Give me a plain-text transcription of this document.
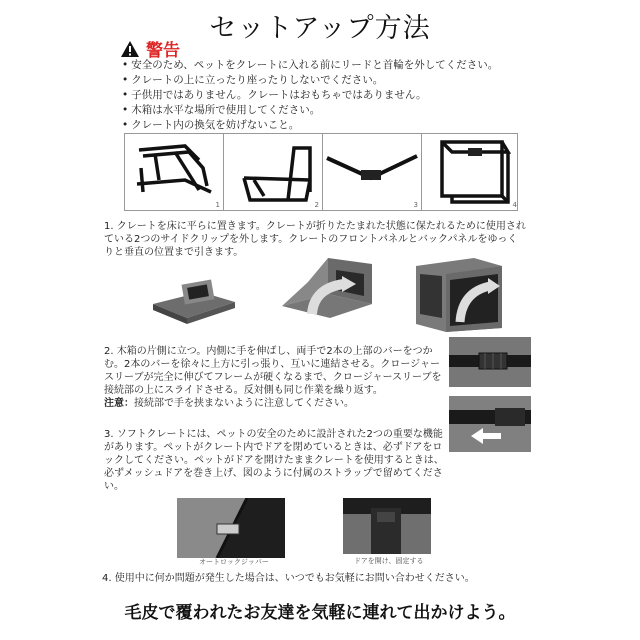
セットアップ方法
警告
• 安全のため、ペットをクレートに入れる前にリードと首輪を外してください。
• クレートの上に立ったり座ったりしないでください。
• 子供用ではありません。クレートはおもちゃではありません。
• 木箱は水平な場所で使用してください。
• クレート内の換気を妨げないこと。
1	2	3	4
1. クレートを床に平らに置きます。クレートが折りたたまれた状態に保たれるために使用されている2つのサイドクリップを外します。クレートのフロントパネルとバックパネルをゆっくりと垂直の位置まで引きます。
2. 木箱の片側に立つ。内側に手を伸ばし、両手で2本の上部のバーをつかむ。2本のバーを徐々に上方に引っ張り、互いに連結させる。クロージャースリーブが完全に伸びてフレームが硬くなるまで、クロージャースリーブを接続部の上にスライドさせる。反対側も同じ作業を繰り返す。
注意：接続部で手を挟まないように注意してください。
3. ソフトクレートには、ペットの安全のために設計された2つの重要な機能があります。ペットがクレート内でドアを閉めているときは、必ずドアをロックしてください。ペットがドアを開けたままクレートを使用するときは、必ずメッシュドアを巻き上げ、図のように付属のストラップで留めてください。
オートロックジッパー	ドアを開け、固定する
4. 使用中に何か問題が発生した場合は、いつでもお気軽にお問い合わせください。
毛皮で覆われたお友達を気軽に連れて出かけよう。
